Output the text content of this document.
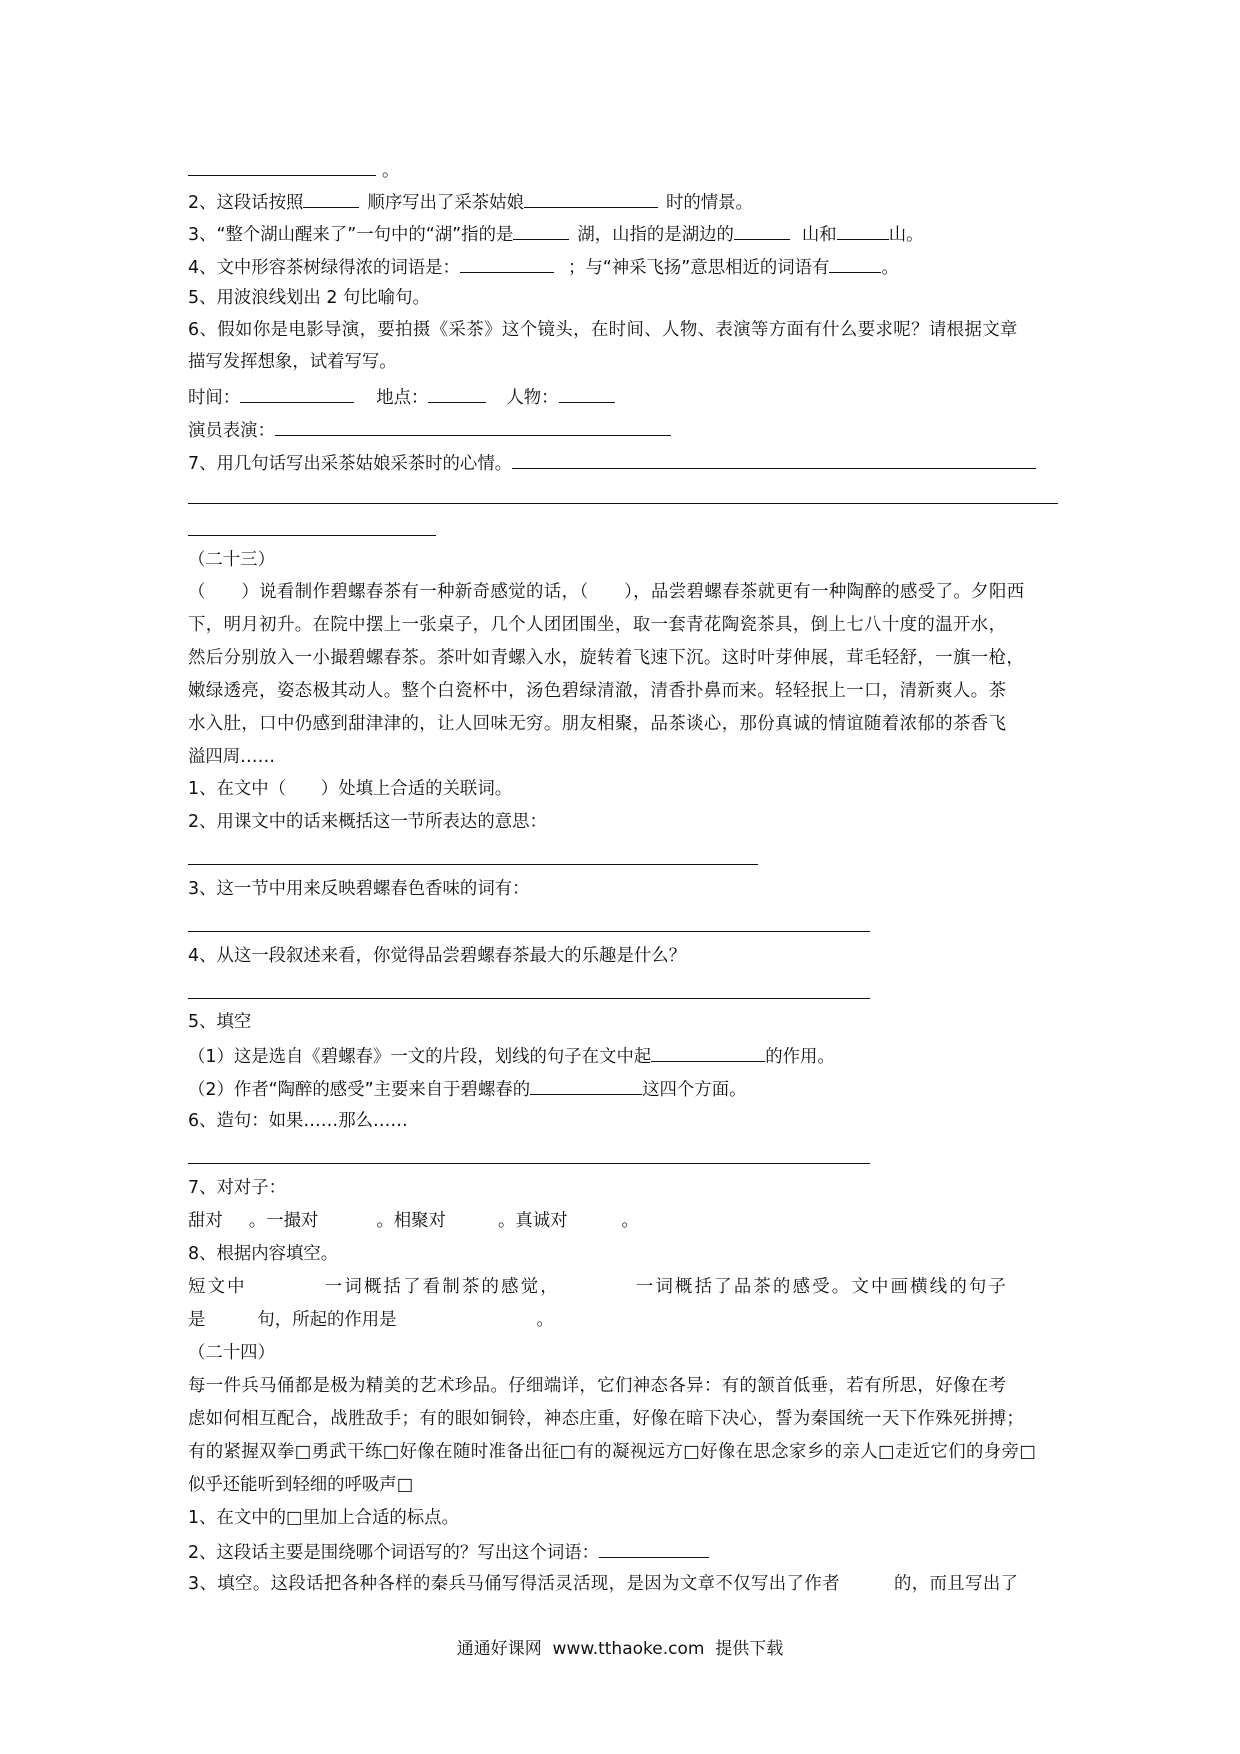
。
2、这段话按照	顺序写出了采茶姑娘	时的情景。
3、“整个湖山醒来了”一句中的“湖”指的是	湖，山指的是湖边的	山和	山。
4、文中形容茶树绿得浓的词语是：	；与“神采飞扬”意思相近的词语有	。
5、用波浪线划出 2 句比喻句。
6、假如你是电影导演，要拍摄《采茶》这个镜头，在时间、人物、表演等方面有什么要求呢？请根据文章
描写发挥想象，试着写写。
时间：	地点：	人物：
演员表演：
7、用几句话写出采茶姑娘采茶时的心情。
（二十三）
（　　）说看制作碧螺春茶有一种新奇感觉的话，（　　），品尝碧螺春茶就更有一种陶醉的感受了。夕阳西
下，明月初升。在院中摆上一张桌子，几个人团团围坐，取一套青花陶瓷茶具，倒上七八十度的温开水，
然后分别放入一小撮碧螺春茶。茶叶如青螺入水，旋转着飞速下沉。这时叶芽伸展，茸毛轻舒，一旗一枪，
嫩绿透亮，姿态极其动人。整个白瓷杯中，汤色碧绿清澈，清香扑鼻而来。轻轻抿上一口，清新爽人。茶
水入肚，口中仍感到甜津津的，让人回味无穷。朋友相聚，品茶谈心，那份真诚的情谊随着浓郁的茶香飞
溢四周……
1、在文中（　　）处填上合适的关联词。
2、用课文中的话来概括这一节所表达的意思：
3、这一节中用来反映碧螺春色香味的词有：
4、从这一段叙述来看，你觉得品尝碧螺春茶最大的乐趣是什么？
5、填空
（1）这是选自《碧螺春》一文的片段，划线的句子在文中起	的作用。
（2）作者“陶醉的感受”主要来自于碧螺春的	这四个方面。
6、造句：如果……那么……
7、对对子：
甜对 。一撮对	。相聚对	。真诚对	。
8、根据内容填空。
短文中	一词概括了看制茶的感觉，	一词概括了品茶的感受。文中画横线的句子
是	句，所起的作用是	。
（二十四）
每一件兵马俑都是极为精美的艺术珍品。仔细端详，它们神态各异：有的颔首低垂，若有所思，好像在考
虑如何相互配合，战胜敌手；有的眼如铜铃，神态庄重，好像在暗下决心，誓为秦国统一天下作殊死拼搏；
有的紧握双拳□勇武干练□好像在随时准备出征□有的凝视远方□好像在思念家乡的亲人□走近它们的身旁□
似乎还能听到轻细的呼吸声□
1、在文中的□里加上合适的标点。
2、这段话主要是围绕哪个词语写的？写出这个词语：
3、填空。这段话把各种各样的秦兵马俑写得活灵活现，是因为文章不仅写出了作者	的，而且写出了
通通好课网  www.tthaoke.com  提供下载
